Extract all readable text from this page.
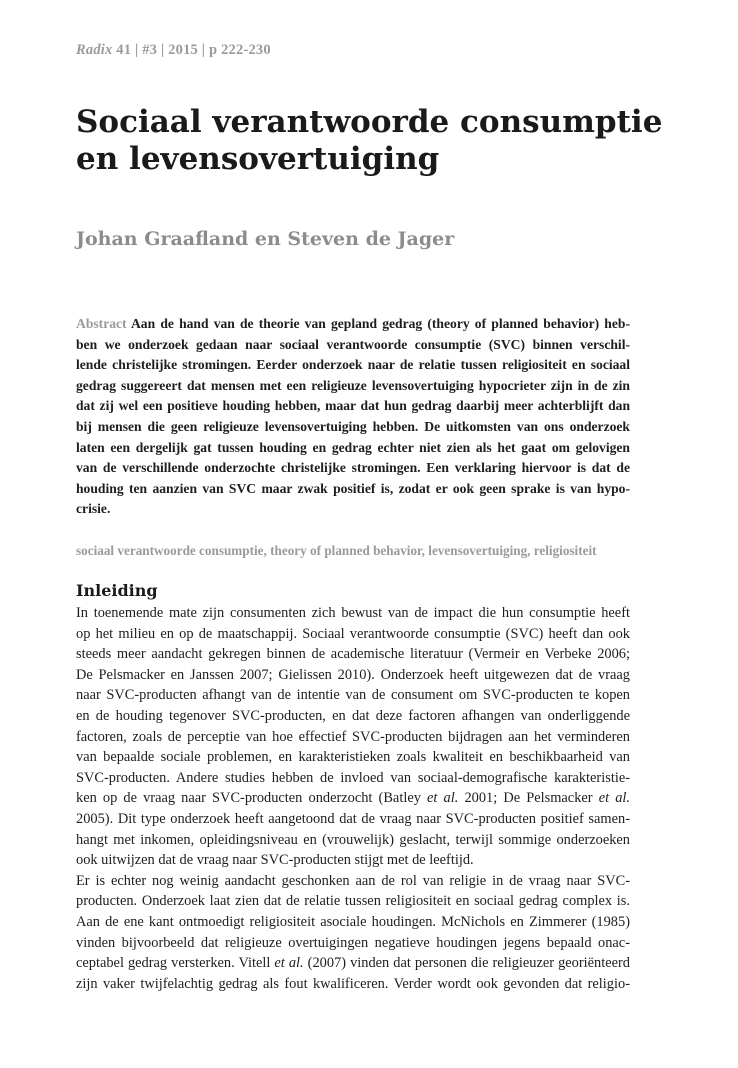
Radix 41 | #3 | 2015 | p 222-230
Sociaal verantwoorde consumptie
en levensovertuiging
Johan Graafland en Steven de Jager
Abstract Aan de hand van de theorie van gepland gedrag (theory of planned behavior) heb-
ben we onderzoek gedaan naar sociaal verantwoorde consumptie (SVC) binnen verschil-
lende christelijke stromingen. Eerder onderzoek naar de relatie tussen religiositeit en sociaal
gedrag suggereert dat mensen met een religieuze levensovertuiging hypocrieter zijn in de zin
dat zij wel een positieve houding hebben, maar dat hun gedrag daarbij meer achterblijft dan
bij mensen die geen religieuze levensovertuiging hebben. De uitkomsten van ons onderzoek
laten een dergelijk gat tussen houding en gedrag echter niet zien als het gaat om gelovigen
van de verschillende onderzochte christelijke stromingen. Een verklaring hiervoor is dat de
houding ten aanzien van SVC maar zwak positief is, zodat er ook geen sprake is van hypo-
crisie.
sociaal verantwoorde consumptie, theory of planned behavior, levensovertuiging, religiositeit
Inleiding
In toenemende mate zijn consumenten zich bewust van de impact die hun consumptie heeft
op het milieu en op de maatschappij. Sociaal verantwoorde consumptie (SVC) heeft dan ook
steeds meer aandacht gekregen binnen de academische literatuur (Vermeir en Verbeke 2006;
De Pelsmacker en Janssen 2007; Gielissen 2010). Onderzoek heeft uitgewezen dat de vraag
naar SVC-producten afhangt van de intentie van de consument om SVC-producten te kopen
en de houding tegenover SVC-producten, en dat deze factoren afhangen van onderliggende
factoren, zoals de perceptie van hoe effectief SVC-producten bijdragen aan het verminderen
van bepaalde sociale problemen, en karakteristieken zoals kwaliteit en beschikbaarheid van
SVC-producten. Andere studies hebben de invloed van sociaal-demografische karakteristie-
ken op de vraag naar SVC-producten onderzocht (Batley et al. 2001; De Pelsmacker et al.
2005). Dit type onderzoek heeft aangetoond dat de vraag naar SVC-producten positief samen-
hangt met inkomen, opleidingsniveau en (vrouwelijk) geslacht, terwijl sommige onderzoeken
ook uitwijzen dat de vraag naar SVC-producten stijgt met de leeftijd.
Er is echter nog weinig aandacht geschonken aan de rol van religie in de vraag naar SVC-
producten. Onderzoek laat zien dat de relatie tussen religiositeit en sociaal gedrag complex is.
Aan de ene kant ontmoedigt religiositeit asociale houdingen. McNichols en Zimmerer (1985)
vinden bijvoorbeeld dat religieuze overtuigingen negatieve houdingen jegens bepaald onac-
ceptabel gedrag versterken. Vitell et al. (2007) vinden dat personen die religieuzer georiënteerd
zijn vaker twijfelachtig gedrag als fout kwalificeren. Verder wordt ook gevonden dat religio-
